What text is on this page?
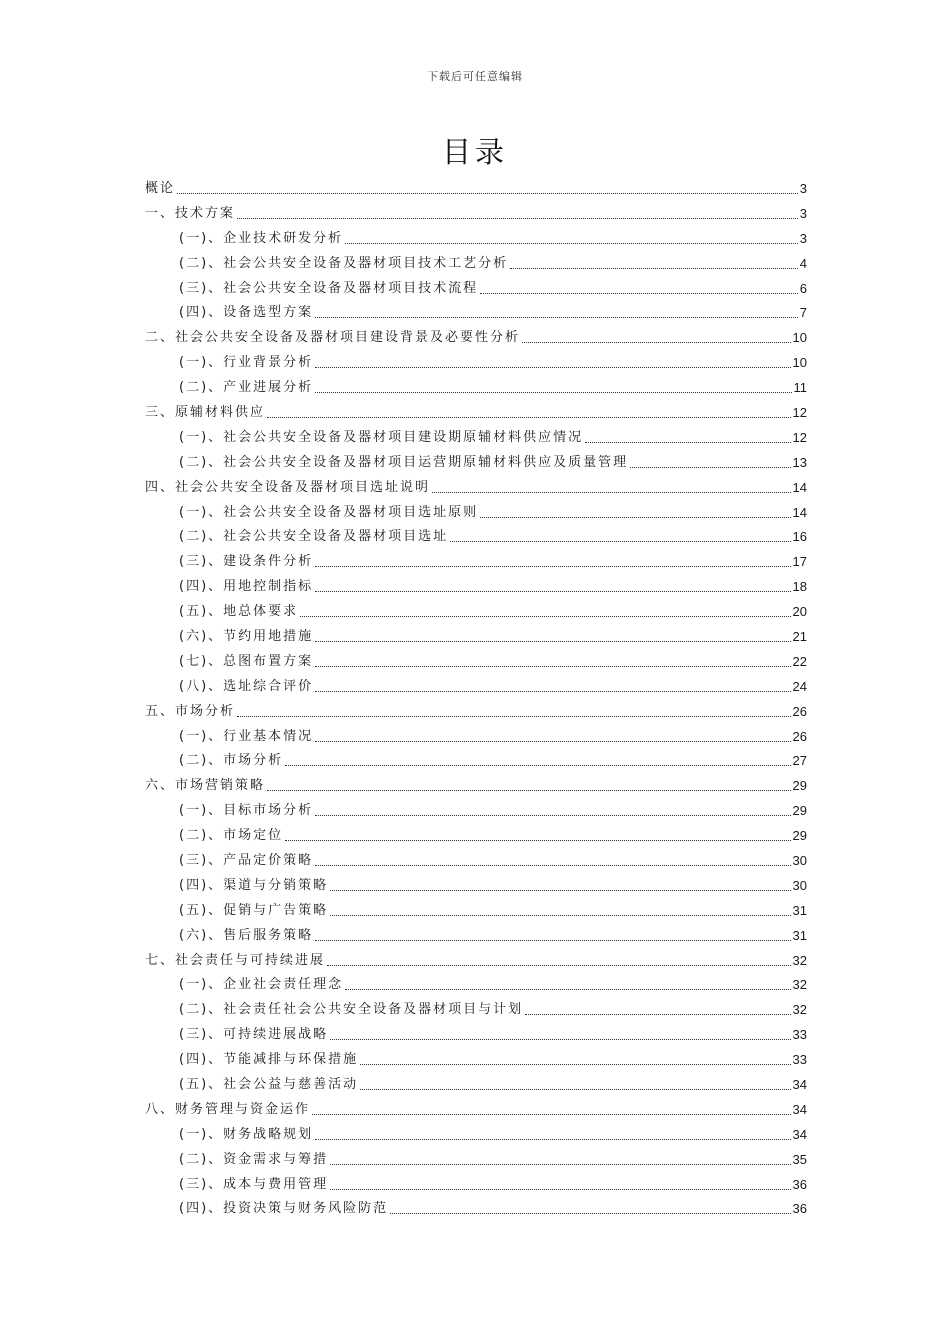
下载后可任意编辑
目录
概论	3
一、技术方案	3
(一)、企业技术研发分析	3
(二)、社会公共安全设备及器材项目技术工艺分析	4
(三)、社会公共安全设备及器材项目技术流程	6
(四)、设备选型方案	7
二、社会公共安全设备及器材项目建设背景及必要性分析	10
(一)、行业背景分析	10
(二)、产业进展分析	11
三、原辅材料供应	12
(一)、社会公共安全设备及器材项目建设期原辅材料供应情况	12
(二)、社会公共安全设备及器材项目运营期原辅材料供应及质量管理	13
四、社会公共安全设备及器材项目选址说明	14
(一)、社会公共安全设备及器材项目选址原则	14
(二)、社会公共安全设备及器材项目选址	16
(三)、建设条件分析	17
(四)、用地控制指标	18
(五)、地总体要求	20
(六)、节约用地措施	21
(七)、总图布置方案	22
(八)、选址综合评价	24
五、市场分析	26
(一)、行业基本情况	26
(二)、市场分析	27
六、市场营销策略	29
(一)、目标市场分析	29
(二)、市场定位	29
(三)、产品定价策略	30
(四)、渠道与分销策略	30
(五)、促销与广告策略	31
(六)、售后服务策略	31
七、社会责任与可持续进展	32
(一)、企业社会责任理念	32
(二)、社会责任社会公共安全设备及器材项目与计划	32
(三)、可持续进展战略	33
(四)、节能减排与环保措施	33
(五)、社会公益与慈善活动	34
八、财务管理与资金运作	34
(一)、财务战略规划	34
(二)、资金需求与筹措	35
(三)、成本与费用管理	36
(四)、投资决策与财务风险防范	36
